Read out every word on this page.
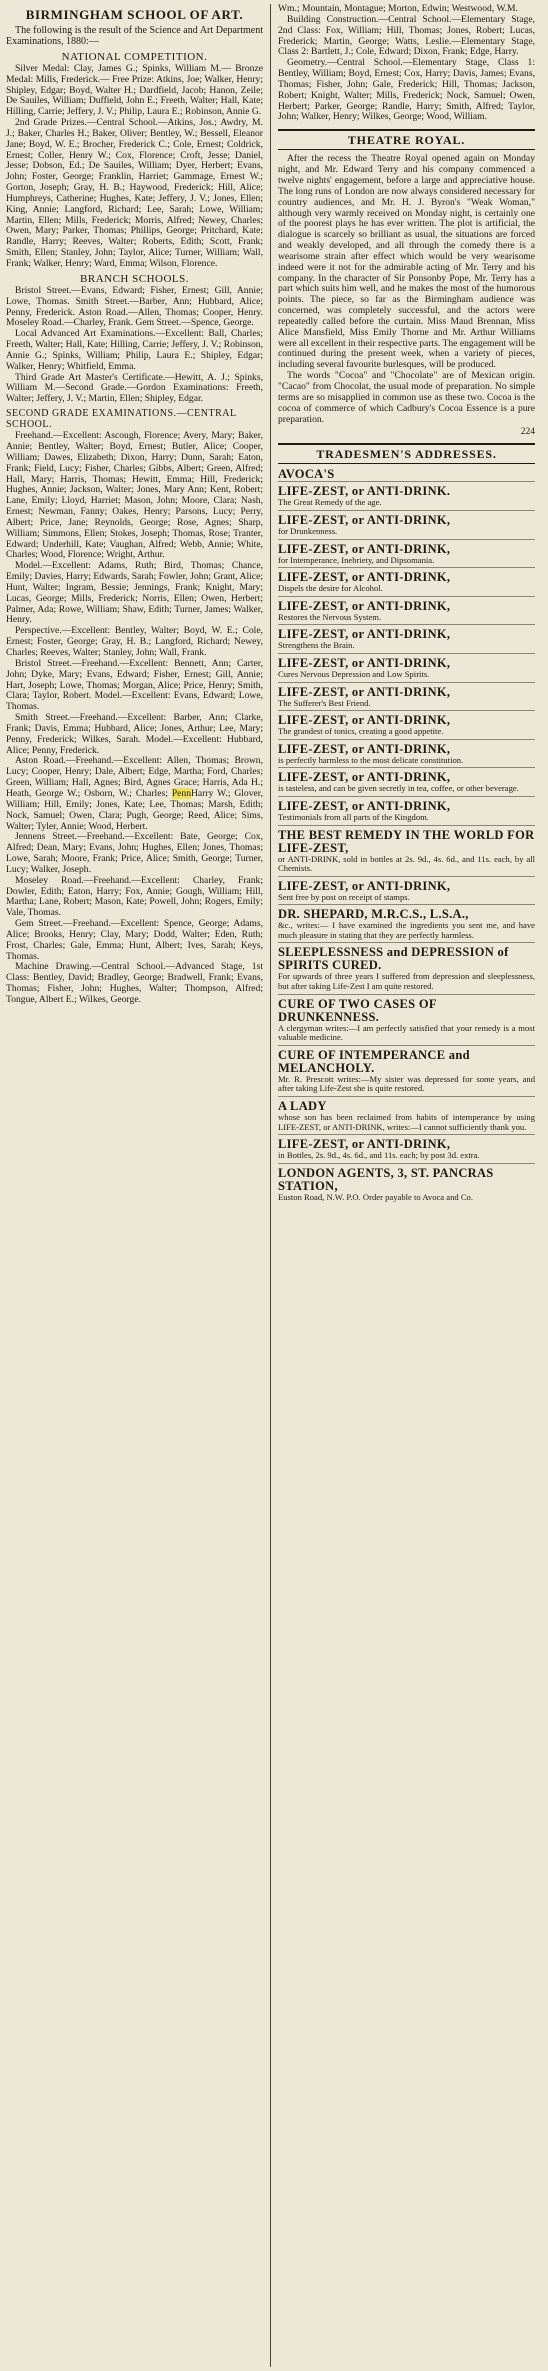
BIRMINGHAM SCHOOL OF ART.

The following is the result of the Science and Art Department Examinations, 1880:—

NATIONAL COMPETITION.

Silver Medal: Clay, James G.; Spinks, William M.— Bronze Medal: Mills, Frederick.— Free Prize: Atkins, Joe; Walker, Henry; Shipley, Edgar; Boyd, Walter H.; Dardfield, Jacob; Hanon, Zeile; De Sauiles, William; Duffield, John E.; Freeth, Walter; Hall, Kate; Hilling, Carrie; Jeffery, J. V.; Philip, Laura E.; Robinson, Annie G.

2nd Grade Prizes.—Central School.—Atkins, Jos.; Awdry, M. J.; Baker, Charles H.; Baker, Oliver; Bentley, W.; Bessell, Eleanor Jane; Boyd, W. E.; Brocher, Frederick C.; Cole, Ernest; Coldrick, Ernest; Coller, Henry W.; Cox, Florence; Croft, Jesse; Daniel, Jesse; Dobson, Ed.; De Sauiles, William; Dyer, Herbert; Evans, John; Foster, George; Franklin, Harriet; Gammage, Ernest W.; Gorton, Joseph; Gray, H. B.; Haywood, Frederick; Hill, Alice; Humphreys, Catherine; Hughes, Kate; Jeffery, J. V.; Jones, Ellen; King, Annie; Langford, Richard; Lee, Sarah; Lowe, William; Martin, Ellen; Mills, Frederick; Morris, Alfred; Newey, Charles; Owen, Mary; Parker, Thomas; Phillips, George; Pritchard, Kate; Randle, Harry; Reeves, Walter; Roberts, Edith; Scott, Frank; Smith, Ellen; Stanley, John; Taylor, Alice; Turner, William; Wall, Frank; Walker, Henry; Ward, Emma; Wilson, Florence.

BRANCH SCHOOLS.

Bristol Street.—Evans, Edward; Fisher, Ernest; Gill, Annie; Lowe, Thomas. Smith Street.—Barber, Ann; Hubbard, Alice; Penny, Frederick. Aston Road.—Allen, Thomas; Cooper, Henry. Moseley Road.—Charley, Frank. Gem Street.—Spence, George.

Local Advanced Art Examinations.—Excellent: Ball, Charles; Freeth, Walter; Hall, Kate; Hilling, Carrie; Jeffery, J. V.; Robinson, Annie G.; Spinks, William; Philip, Laura E.; Shipley, Edgar; Walker, Henry; Whitfield, Emma.

Third Grade Art Master's Certificate.—Hewitt, A. J.; Spinks, William M.—Second Grade.—Gordon Examinations: Freeth, Walter; Jeffery, J. V.; Martin, Ellen; Shipley, Edgar.

SECOND GRADE EXAMINATIONS.—CENTRAL SCHOOL.

Freehand.—Excellent: Ascough, Florence; Avery, Mary; Baker, Annie; Bentley, Walter; Boyd, Ernest; Butler, Alice; Cooper, William; Dawes, Elizabeth; Dixon, Harry; Dunn, Sarah; Eaton, Frank; Field, Lucy; Fisher, Charles; Gibbs, Albert; Green, Alfred; Hall, Mary; Harris, Thomas; Hewitt, Emma; Hill, Frederick; Hughes, Annie; Jackson, Walter; Jones, Mary Ann; Kent, Robert; Lane, Emily; Lloyd, Harriet; Mason, John; Moore, Clara; Nash, Ernest; Newman, Fanny; Oakes, Henry; Parsons, Lucy; Perry, Albert; Price, Jane; Reynolds, George; Rose, Agnes; Sharp, William; Simmons, Ellen; Stokes, Joseph; Thomas, Rose; Tranter, Edward; Underhill, Kate; Vaughan, Alfred; Webb, Annie; White, Charles; Wood, Florence; Wright, Arthur.

Model.—Excellent: Adams, Ruth; Bird, Thomas; Chance, Emily; Davies, Harry; Edwards, Sarah; Fowler, John; Grant, Alice; Hunt, Walter; Ingram, Bessie; Jennings, Frank; Knight, Mary; Lucas, George; Mills, Frederick; Norris, Ellen; Owen, Herbert; Palmer, Ada; Rowe, William; Shaw, Edith; Turner, James; Walker, Henry.

Perspective.—Excellent: Bentley, Walter; Boyd, W. E.; Cole, Ernest; Foster, George; Gray, H. B.; Langford, Richard; Newey, Charles; Reeves, Walter; Stanley, John; Wall, Frank.

Bristol Street.—Freehand.—Excellent: Bennett, Ann; Carter, John; Dyke, Mary; Evans, Edward; Fisher, Ernest; Gill, Annie; Hart, Joseph; Lowe, Thomas; Morgan, Alice; Price, Henry; Smith, Clara; Taylor, Robert. Model.—Excellent: Evans, Edward; Lowe, Thomas.

Smith Street.—Freehand.—Excellent: Barber, Ann; Clarke, Frank; Davis, Emma; Hubbard, Alice; Jones, Arthur; Lee, Mary; Penny, Frederick; Wilkes, Sarah. Model.—Excellent: Hubbard, Alice; Penny, Frederick.

Aston Road.—Freehand.—Excellent: Allen, Thomas; Brown, Lucy; Cooper, Henry; Dale, Albert; Edge, Martha; Ford, Charles; Green, William; Hall, Agnes; Bird, Agnes Grace; Harris, Ada H.; Heath, George W.; Osborn, W.; Charles; PennHarry W.; Glover, William; Hill, Emily; Jones, Kate; Lee, Thomas; Marsh, Edith; Nock, Samuel; Owen, Clara; Pugh, George; Reed, Alice; Sims, Walter; Tyler, Annie; Wood, Herbert.

Jennens Street.—Freehand.—Excellent: Bate, George; Cox, Alfred; Dean, Mary; Evans, John; Hughes, Ellen; Jones, Thomas; Lowe, Sarah; Moore, Frank; Price, Alice; Smith, George; Turner, Lucy; Walker, Joseph.

Moseley Road.—Freehand.—Excellent: Charley, Frank; Dowler, Edith; Eaton, Harry; Fox, Annie; Gough, William; Hill, Martha; Lane, Robert; Mason, Kate; Powell, John; Rogers, Emily; Vale, Thomas.

Gem Street.—Freehand.—Excellent: Spence, George; Adams, Alice; Brooks, Henry; Clay, Mary; Dodd, Walter; Eden, Ruth; Frost, Charles; Gale, Emma; Hunt, Albert; Ives, Sarah; Keys, Thomas.

Machine Drawing.—Central School.—Advanced Stage, 1st Class: Bentley, David; Bradley, George; Bradwell, Frank; Evans, Thomas; Fisher, John; Hughes, Walter; Thompson, Alfred; Tongue, Albert E.; Wilkes, George.

Wm.; Mountain, Montague; Morton, Edwin; Westwood, W.M.

Building Construction.—Central School.—Elementary Stage, 2nd Class: Fox, William; Hill, Thomas; Jones, Robert; Lucas, Frederick; Martin, George; Watts, Leslie.—Elementary Stage, Class 2: Bartlett, J.; Cole, Edward; Dixon, Frank; Edge, Harry.

Geometry.—Central School.—Elementary Stage, Class 1: Bentley, William; Boyd, Ernest; Cox, Harry; Davis, James; Evans, Thomas; Fisher, John; Gale, Frederick; Hill, Thomas; Jackson, Robert; Knight, Walter; Mills, Frederick; Nock, Samuel; Owen, Herbert; Parker, George; Randle, Harry; Smith, Alfred; Taylor, John; Walker, Henry; Wilkes, George; Wood, William.

THEATRE ROYAL.

After the recess the Theatre Royal opened again on Monday night, and Mr. Edward Terry and his company commenced a twelve nights' engagement, before a large and appreciative house. The long runs of London are now always considered necessary for country audiences, and Mr. H. J. Byron's "Weak Woman," although very warmly received on Monday night, is certainly one of the poorest plays he has ever written. The plot is artificial, the dialogue is scarcely so brilliant as usual, the situations are forced and weakly developed, and all through the comedy there is a wearisome strain after effect which would be very wearisome indeed were it not for the admirable acting of Mr. Terry and his company. In the character of Sir Ponsonby Pope, Mr. Terry has a part which suits him well, and he makes the most of the humorous points. The piece, so far as the Birmingham audience was concerned, was completely successful, and the actors were repeatedly called before the curtain. Miss Maud Brennan, Miss Alice Mansfield, Miss Emily Thorne and Mr. Arthur Williams were all excellent in their respective parts. The engagement will be continued during the present week, when a variety of pieces, including several favourite burlesques, will be produced.

The words "Cocoa" and "Chocolate" are of Mexican origin. "Cacao" from Chocolat, the usual mode of preparation. No simple terms are so misapplied in common use as these two. Cocoa is the cocoa of commerce of which Cadbury's Cocoa Essence is a pure preparation.

224
TRADESMEN'S ADDRESSES.
AVOCA'S
LIFE-ZEST, or ANTI-DRINK.
The Great Remedy of the age.
LIFE-ZEST, or ANTI-DRINK,
for Drunkenness.
LIFE-ZEST, or ANTI-DRINK,
for Intemperance, Inebriety, and Dipsomania.
LIFE-ZEST, or ANTI-DRINK,
Dispels the desire for Alcohol.
LIFE-ZEST, or ANTI-DRINK,
Restores the Nervous System.
LIFE-ZEST, or ANTI-DRINK,
Strengthens the Brain.
LIFE-ZEST, or ANTI-DRINK,
Cures Nervous Depression and Low Spirits.
LIFE-ZEST, or ANTI-DRINK,
The Sufferer's Best Friend.
LIFE-ZEST, or ANTI-DRINK,
The grandest of tonics, creating a good appetite.
LIFE-ZEST, or ANTI-DRINK,
is perfectly harmless to the most delicate constitution.
LIFE-ZEST, or ANTI-DRINK,
is tasteless, and can be given secretly in tea, coffee, or other beverage.
LIFE-ZEST, or ANTI-DRINK,
Testimonials from all parts of the Kingdom.
THE BEST REMEDY IN THE WORLD FOR LIFE-ZEST,
or ANTI-DRINK, sold in bottles at 2s. 9d., 4s. 6d., and 11s. each, by all Chemists.
LIFE-ZEST, or ANTI-DRINK,
Sent free by post on receipt of stamps.
DR. SHEPARD, M.R.C.S., L.S.A.,
&c., writes:— I have examined the ingredients you sent me, and have much pleasure in stating that they are perfectly harmless.
SLEEPLESSNESS and DEPRESSION of SPIRITS CURED.
For upwards of three years I suffered from depression and sleeplessness, but after taking Life-Zest I am quite restored.
CURE OF TWO CASES OF DRUNKENNESS.
A clergyman writes:—I am perfectly satisfied that your remedy is a most valuable medicine.
CURE OF INTEMPERANCE and MELANCHOLY.
Mr. R. Prescott writes:—My sister was depressed for some years, and after taking Life-Zest she is quite restored.
A LADY
whose son has been reclaimed from habits of intemperance by using LIFE-ZEST, or ANTI-DRINK, writes:—I cannot sufficiently thank you.
LIFE-ZEST, or ANTI-DRINK,
in Bottles, 2s. 9d., 4s. 6d., and 11s. each; by post 3d. extra.
LONDON AGENTS, 3, ST. PANCRAS STATION,
Euston Road, N.W. P.O. Order payable to Avoca and Co.
